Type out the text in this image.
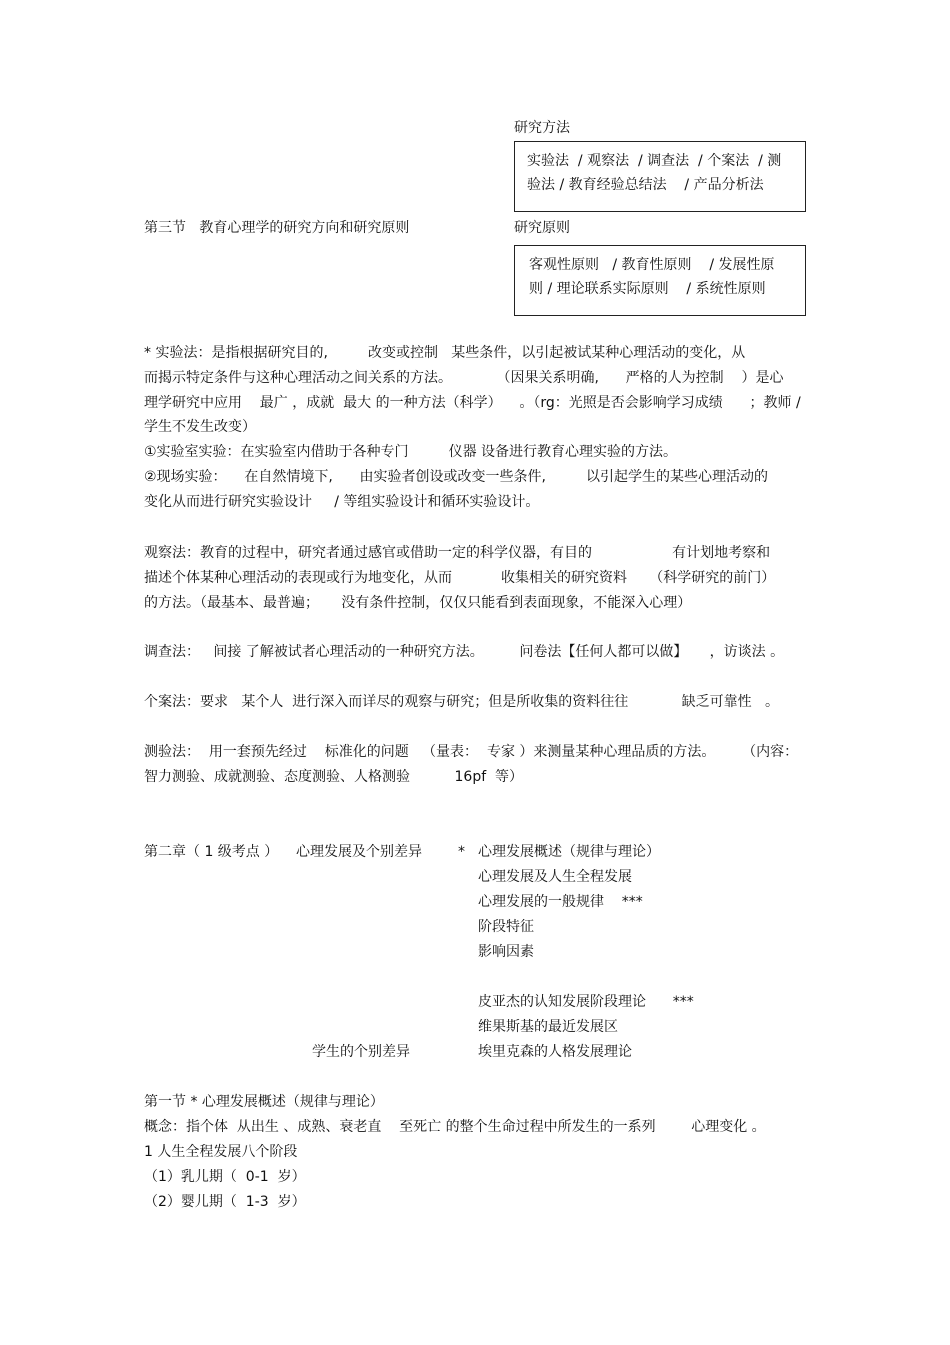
研究方法
实验法  / 观察法  / 调查法  / 个案法  / 测
验法 / 教育经验总结法    / 产品分析法
第三节   教育心理学的研究方向和研究原则	研究原则
客观性原则   / 教育性原则    / 发展性原
则 / 理论联系实际原则    / 系统性原则
* 实验法：是指根据研究目的,         改变或控制   某些条件，以引起被试某种心理活动的变化，从
而揭示特定条件与这种心理活动之间关系的方法。          （因果关系明确,      严格的人为控制    ）是心
理学研究中应用    最广 ，成就  最大 的一种方法（科学）    。（rg：光照是否会影响学习成绩      ；教师 /
学生不发生改变）
①实验室实验：在实验室内借助于各种专门         仪器 设备进行教育心理实验的方法。
②现场实验：    在自然情境下,      由实验者创设或改变一些条件,         以引起学生的某些心理活动的
变化从而进行研究实验设计     / 等组实验设计和循环实验设计。
观察法：教育的过程中，研究者通过感官或借助一定的科学仪器，有目的                  有计划地考察和
描述个体某种心理活动的表现或行为地变化，从而           收集相关的研究资料     （科学研究的前门）
的方法。（最基本、最普遍；     没有条件控制，仅仅只能看到表面现象，不能深入心理）
调查法：   间接 了解被试者心理活动的一种研究方法。        问卷法【任何人都可以做】     ，访谈法 。
个案法：要求   某个人  进行深入而详尽的观察与研究；但是所收集的资料往往            缺乏可靠性   。
测验法：  用一套预先经过    标准化的问题   （量表：  专家 ）来测量某种心理品质的方法。      （内容：
智力测验、成就测验、态度测验、人格测验          16pf  等）
第二章（ 1 级考点 ）    心理发展及个别差异	* 心理发展概述（规律与理论）
心理发展及人生全程发展
心理发展的一般规律    ***
阶段特征
影响因素
皮亚杰的认知发展阶段理论      ***
维果斯基的最近发展区
学生的个别差异	埃里克森的人格发展理论
第一节 * 心理发展概述（规律与理论）
概念：指个体  从出生 、成熟、衰老直    至死亡 的整个生命过程中所发生的一系列        心理变化 。
1 人生全程发展八个阶段
（1）乳儿期（  0-1  岁）
（2）婴儿期（  1-3  岁）
